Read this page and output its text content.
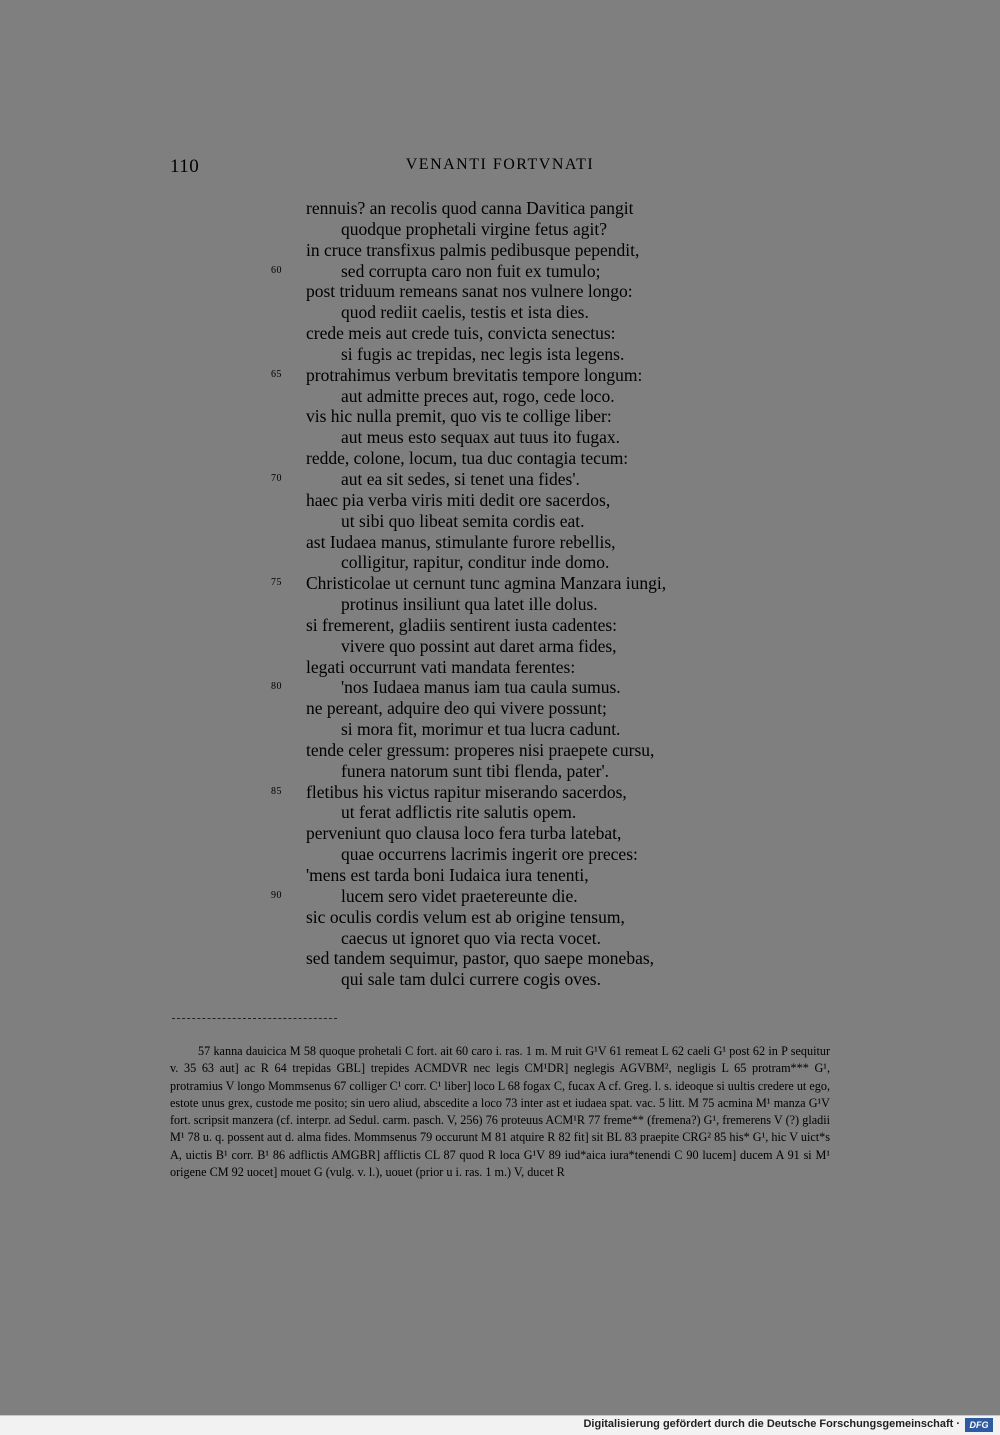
110	VENANTI FORTVNATI
rennuis? an recolis quod canna Davitica pangit
quodque prophetali virgine fetus agit?
in cruce transfixus palmis pedibusque pependit,
60	sed corrupta caro non fuit ex tumulo;
post triduum remeans sanat nos vulnere longo:
quod rediit caelis, testis et ista dies.
crede meis aut crede tuis, convicta senectus:
si fugis ac trepidas, nec legis ista legens.
65 protrahimus verbum brevitatis tempore longum:
aut admitte preces aut, rogo, cede loco.
vis hic nulla premit, quo vis te collige liber:
aut meus esto sequax aut tuus ito fugax.
redde, colone, locum, tua duc contagia tecum:
70	aut ea sit sedes, si tenet una fides'.
haec pia verba viris miti dedit ore sacerdos,
ut sibi quo libeat semita cordis eat.
ast Iudaea manus, stimulante furore rebellis,
colligitur, rapitur, conditur inde domo.
75 Christicolae ut cernunt tunc agmina Manzara iungi,
protinus insiliunt qua latet ille dolus.
si fremerent, gladiis sentirent iusta cadentes:
vivere quo possint aut daret arma fides,
legati occurrunt vati mandata ferentes:
80	'nos Iudaea manus iam tua caula sumus.
ne pereant, adquire deo qui vivere possunt;
si mora fit, morimur et tua lucra cadunt.
tende celer gressum: properes nisi praepete cursu,
funera natorum sunt tibi flenda, pater'.
85 fletibus his victus rapitur miserando sacerdos,
ut ferat adflictis rite salutis opem.
perveniunt quo clausa loco fera turba latebat,
quae occurrens lacrimis ingerit ore preces:
'mens est tarda boni Iudaica iura tenenti,
90	lucem sero videt praetereunte die.
sic oculis cordis velum est ab origine tensum,
caecus ut ignoret quo via recta vocet.
sed tandem sequimur, pastor, quo saepe monebas,
qui sale tam dulci currere cogis oves.
57 kanna dauicica M 58 quoque prohetali C fort. ait 60 caro i. ras. 1 m. M ruit G¹V 61 remeat L 62 caeli G¹ post 62 in P sequitur v. 35 63 aut] ac R 64 trepidas GBL] trepides ACMDVR nec legis CM¹DR] neglegis AGVBM², negligis L 65 protram*** G¹, protramius V longo Mommsenus 67 colliger C¹ corr. C¹ liber] loco L 68 fogax C, fucax A cf. Greg. l. s. ideoque si uultis credere ut ego, estote unus grex, custode me posito; sin uero aliud, abscedite a loco 73 inter ast et iudaea spat. vac. 5 litt. M 75 acmina M¹ manza G¹V fort. scripsit manzera (cf. interpr. ad Sedul. carm. pasch. V, 256) 76 proteuus ACM¹R 77 freme** (fremena?) G¹, fremerens V (?) gladii M¹ 78 u. q. possent aut d. alma fides. Mommsenus 79 occurunt M 81 atquire R 82 fit] sit BL 83 praepite CRG² 85 his* G¹, hic V uict*s A, uictis B¹ corr. B¹ 86 adflictis AMGBR] afflictis CL 87 quod R loca G¹V 89 iud*aica iura*tenendi C 90 lucem] ducem A 91 si M¹ origene CM 92 uocet] mouet G (vulg. v. l.), uouet (prior u i. ras. 1 m.) V, ducet R
Digitalisierung gefördert durch die Deutsche Forschungsgemeinschaft ·	DFG
